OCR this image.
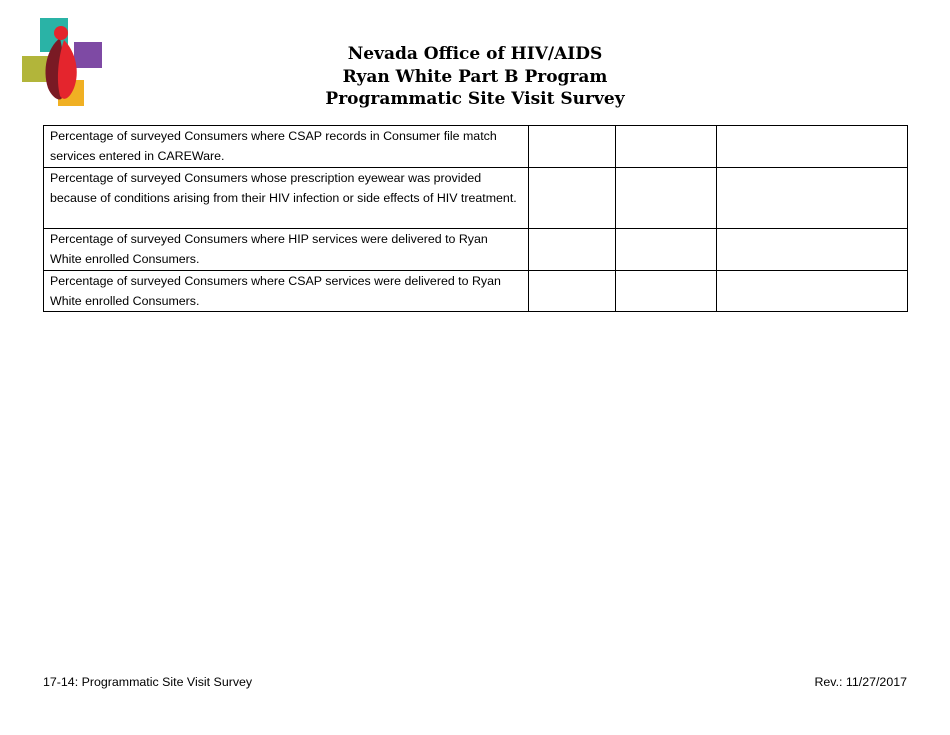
Nevada Office of HIV/AIDS
Ryan White Part B Program
Programmatic Site Visit Survey
Percentage of surveyed Consumers where CSAP records in Consumer file match services entered in CAREWare.			
Percentage of surveyed Consumers whose prescription eyewear was provided because of conditions arising from their HIV infection or side effects of HIV treatment.			
Percentage of surveyed Consumers where HIP services were delivered to Ryan White enrolled Consumers.			
Percentage of surveyed Consumers where CSAP services were delivered to Ryan White enrolled Consumers.			
17-14: Programmatic Site Visit Survey	Rev.: 11/27/2017
